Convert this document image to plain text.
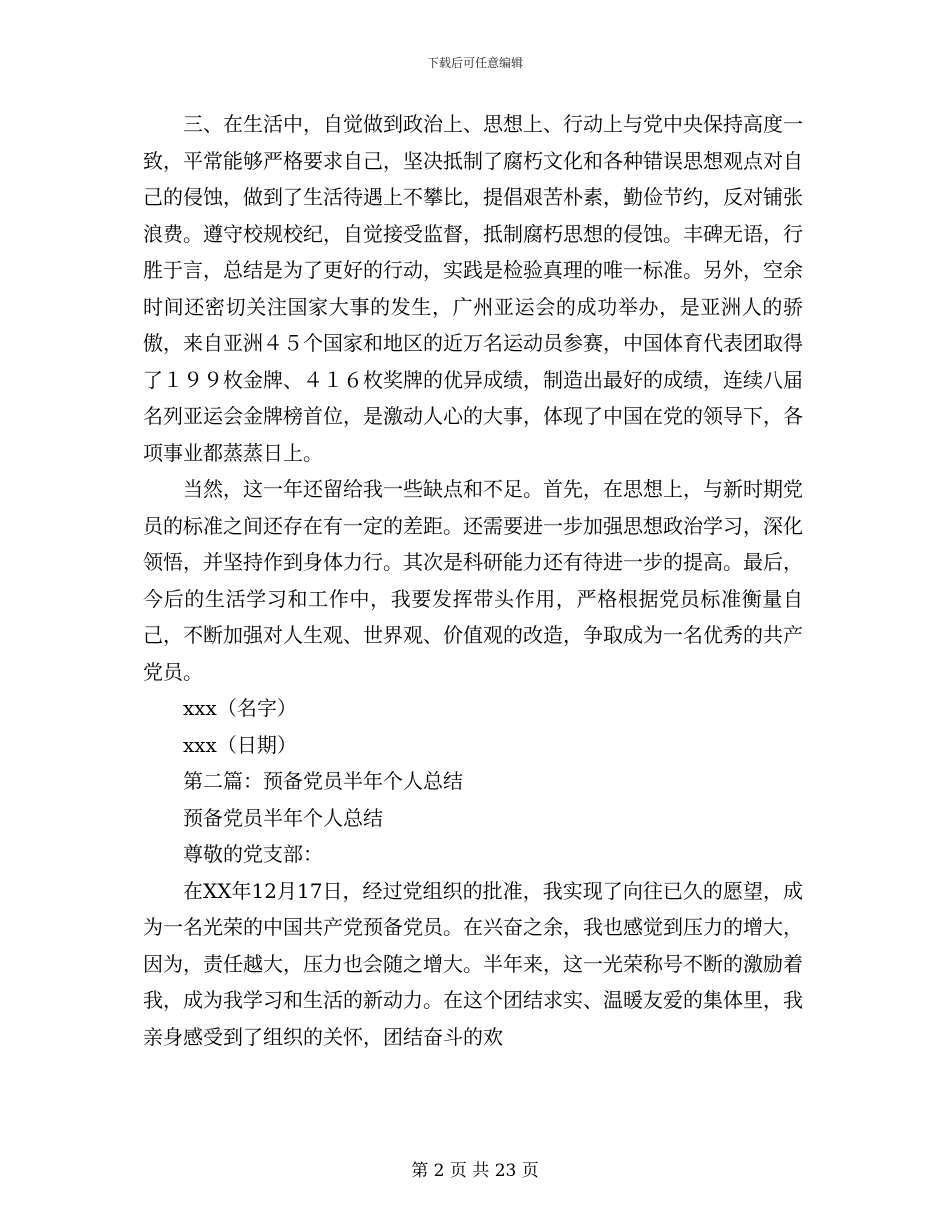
下载后可任意编辑

三、在生活中，自觉做到政治上、思想上、行动上与党中央保持高度一致，平常能够严格要求自己，坚决抵制了腐朽文化和各种错误思想观点对自己的侵蚀，做到了生活待遇上不攀比，提倡艰苦朴素，勤俭节约，反对铺张浪费。遵守校规校纪，自觉接受监督，抵制腐朽思想的侵蚀。丰碑无语，行胜于言，总结是为了更好的行动，实践是检验真理的唯一标准。另外，空余时间还密切关注国家大事的发生，广州亚运会的成功举办，是亚洲人的骄傲，来自亚洲４５个国家和地区的近万名运动员参赛，中国体育代表团取得了１９９枚金牌、４１６枚奖牌的优异成绩，制造出最好的成绩，连续八届名列亚运会金牌榜首位，是激动人心的大事，体现了中国在党的领导下，各项事业都蒸蒸日上。

当然，这一年还留给我一些缺点和不足。首先，在思想上，与新时期党员的标准之间还存在有一定的差距。还需要进一步加强思想政治学习，深化领悟，并坚持作到身体力行。其次是科研能力还有待进一步的提高。最后，今后的生活学习和工作中，我要发挥带头作用，严格根据党员标准衡量自己，不断加强对人生观、世界观、价值观的改造，争取成为一名优秀的共产党员。

xxx（名字）

xxx（日期）

第二篇：预备党员半年个人总结

预备党员半年个人总结

尊敬的党支部：

在XX年12月17日，经过党组织的批准，我实现了向往已久的愿望，成为一名光荣的中国共产党预备党员。在兴奋之余，我也感觉到压力的增大，因为，责任越大，压力也会随之增大。半年来，这一光荣称号不断的激励着我，成为我学习和生活的新动力。在这个团结求实、温暖友爱的集体里，我亲身感受到了组织的关怀，团结奋斗的欢

第 2 页 共 23 页
